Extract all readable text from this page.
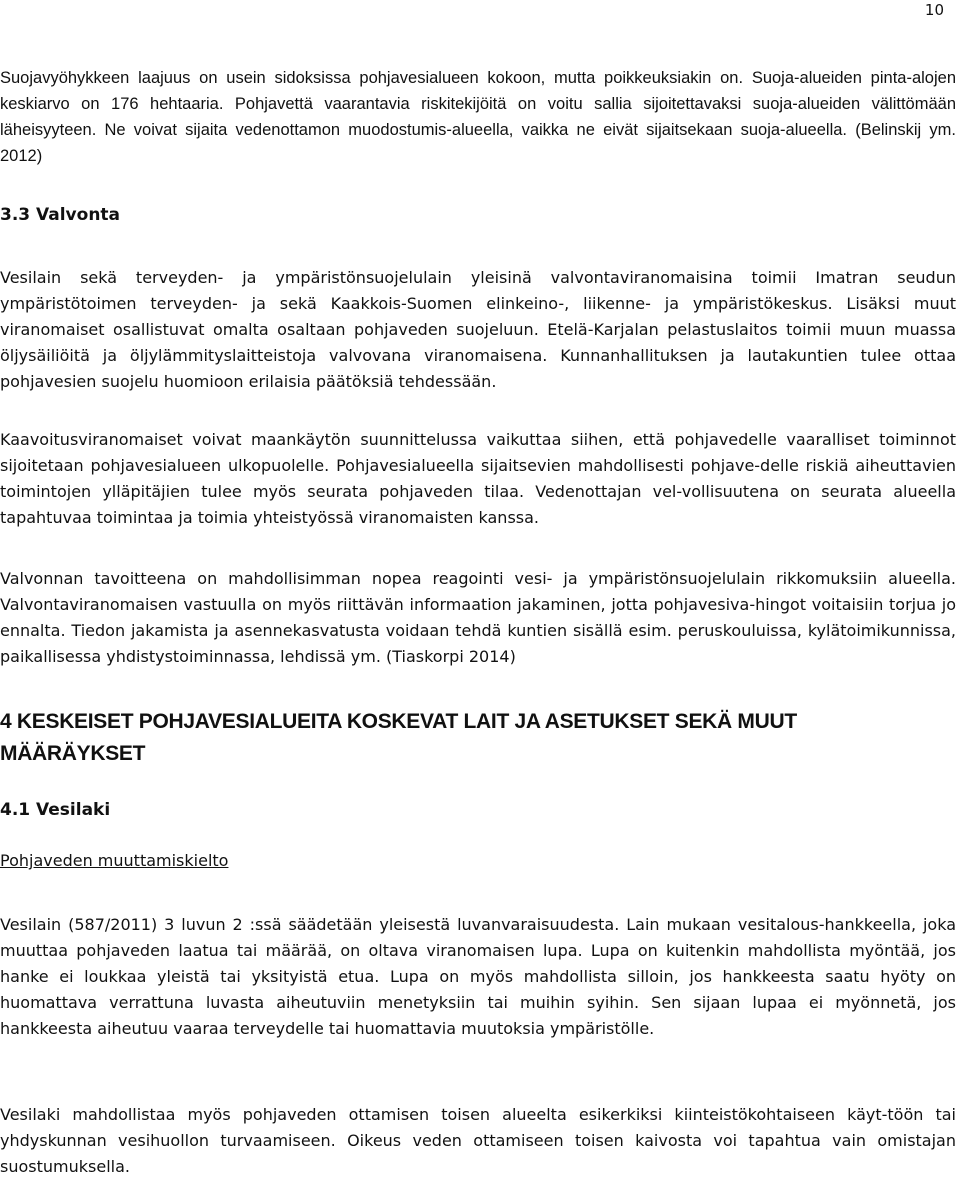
10

Suojavyöhykkeen laajuus on usein sidoksissa pohjavesialueen kokoon, mutta poikkeuksiakin on. Suoja-alueiden pinta-alojen keskiarvo on 176 hehtaaria. Pohjavettä vaarantavia riskitekijöitä on voitu sallia sijoitettavaksi suoja-alueiden välittömään läheisyyteen. Ne voivat sijaita vedenottamon muodostumis-alueella, vaikka ne eivät sijaitsekaan suoja-alueella. (Belinskij ym. 2012)

3.3 Valvonta

Vesilain sekä terveyden- ja ympäristönsuojelulain yleisinä valvontaviranomaisina toimii Imatran seudun ympäristötoimen terveyden- ja sekä Kaakkois-Suomen elinkeino-, liikenne- ja ympäristökeskus. Lisäksi muut viranomaiset osallistuvat omalta osaltaan pohjaveden suojeluun. Etelä-Karjalan pelastuslaitos toimii muun muassa öljysäiliöitä ja öljylämmityslaitteistoja valvovana viranomaisena. Kunnanhallituksen ja lautakuntien tulee ottaa pohjavesien suojelu huomioon erilaisia päätöksiä tehdessään.

Kaavoitusviranomaiset voivat maankäytön suunnittelussa vaikuttaa siihen, että pohjavedelle vaaralliset toiminnot sijoitetaan pohjavesialueen ulkopuolelle. Pohjavesialueella sijaitsevien mahdollisesti pohjave-delle riskiä aiheuttavien toimintojen ylläpitäjien tulee myös seurata pohjaveden tilaa. Vedenottajan vel-vollisuutena on seurata alueella tapahtuvaa toimintaa ja toimia yhteistyössä viranomaisten kanssa.

Valvonnan tavoitteena on mahdollisimman nopea reagointi vesi- ja ympäristönsuojelulain rikkomuksiin alueella. Valvontaviranomaisen vastuulla on myös riittävän informaation jakaminen, jotta pohjavesiva-hingot voitaisiin torjua jo ennalta. Tiedon jakamista ja asennekasvatusta voidaan tehdä kuntien sisällä esim. peruskouluissa, kylätoimikunnissa, paikallisessa yhdistystoiminnassa, lehdissä ym. (Tiaskorpi 2014)

4 KESKEISET POHJAVESIALUEITA KOSKEVAT LAIT JA ASETUKSET SEKÄ MUUT MÄÄRÄYKSET
4.1 Vesilaki
Pohjaveden muuttamiskielto

Vesilain (587/2011) 3 luvun 2 :ssä säädetään yleisestä luvanvaraisuudesta. Lain mukaan vesitalous-hankkeella, joka muuttaa pohjaveden laatua tai määrää, on oltava viranomaisen lupa. Lupa on kuitenkin mahdollista myöntää, jos hanke ei loukkaa yleistä tai yksityistä etua. Lupa on myös mahdollista silloin, jos hankkeesta saatu hyöty on huomattava verrattuna luvasta aiheutuviin menetyksiin tai muihin syihin. Sen sijaan lupaa ei myönnetä, jos hankkeesta aiheutuu vaaraa terveydelle tai huomattavia muutoksia ympäristölle.

Vesilaki mahdollistaa myös pohjaveden ottamisen toisen alueelta esikerkiksi kiinteistökohtaiseen käyt-töön tai yhdyskunnan vesihuollon turvaamiseen. Oikeus veden ottamiseen toisen kaivosta voi tapahtua vain omistajan suostumuksella.
